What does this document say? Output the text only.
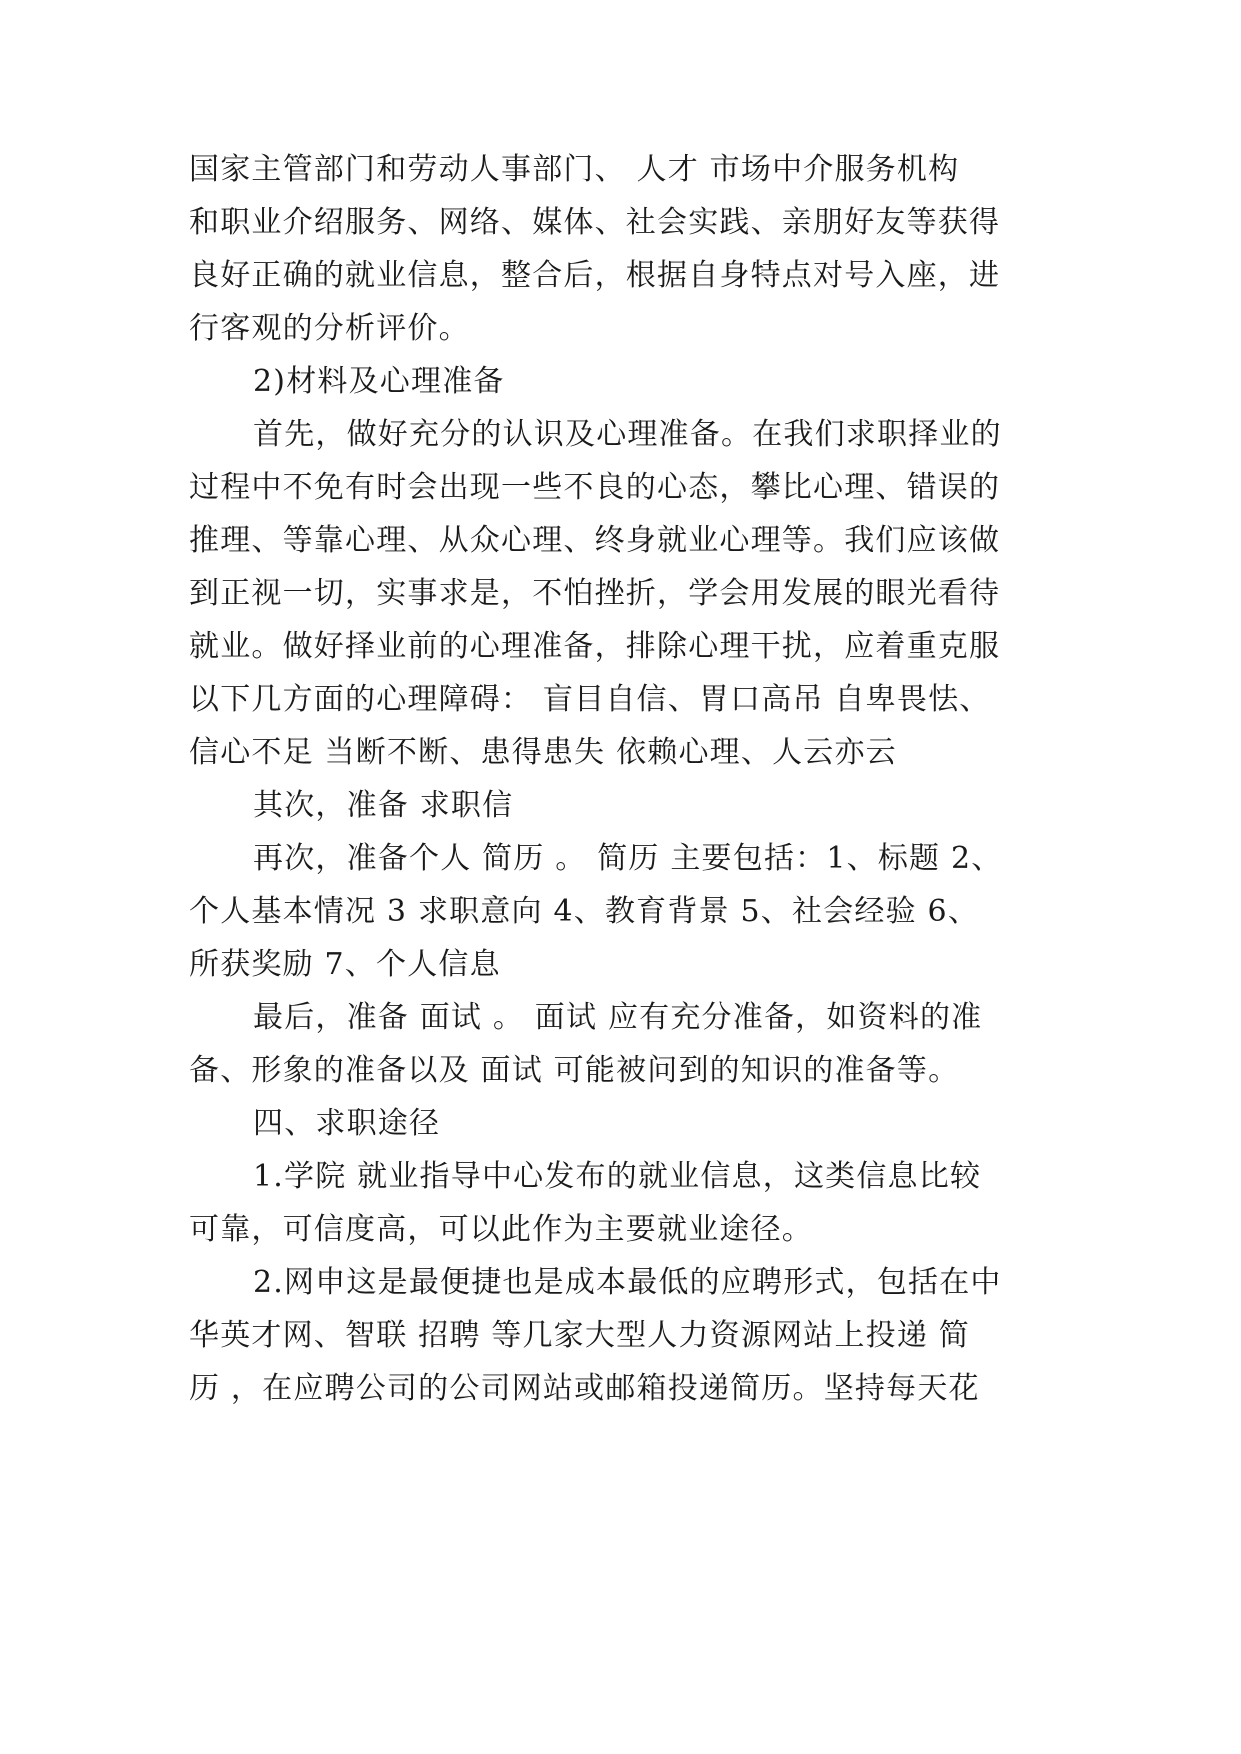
国家主管部门和劳动人事部门、 人才 市场中介服务机构

和职业介绍服务、网络、媒体、社会实践、亲朋好友等获得

良好正确的就业信息，整合后，根据自身特点对号入座，进

行客观的分析评价。

2)材料及心理准备

首先，做好充分的认识及心理准备。在我们求职择业的

过程中不免有时会出现一些不良的心态，攀比心理、错误的

推理、等靠心理、从众心理、终身就业心理等。我们应该做

到正视一切，实事求是，不怕挫折，学会用发展的眼光看待

就业。做好择业前的心理准备，排除心理干扰，应着重克服

以下几方面的心理障碍： 盲目自信、胃口高吊 自卑畏怯、

信心不足 当断不断、患得患失 依赖心理、人云亦云

其次，准备 求职信

再次，准备个人 简历 。 简历 主要包括：1、标题 2、

个人基本情况 3 求职意向 4、教育背景 5、社会经验 6、

所获奖励 7、个人信息

最后，准备 面试 。 面试 应有充分准备，如资料的准

备、形象的准备以及 面试 可能被问到的知识的准备等。

四、求职途径

1.学院 就业指导中心发布的就业信息，这类信息比较

可靠，可信度高，可以此作为主要就业途径。

2.网申这是最便捷也是成本最低的应聘形式，包括在中

华英才网、智联 招聘 等几家大型人力资源网站上投递 简

历 ，在应聘公司的公司网站或邮箱投递简历。坚持每天花
